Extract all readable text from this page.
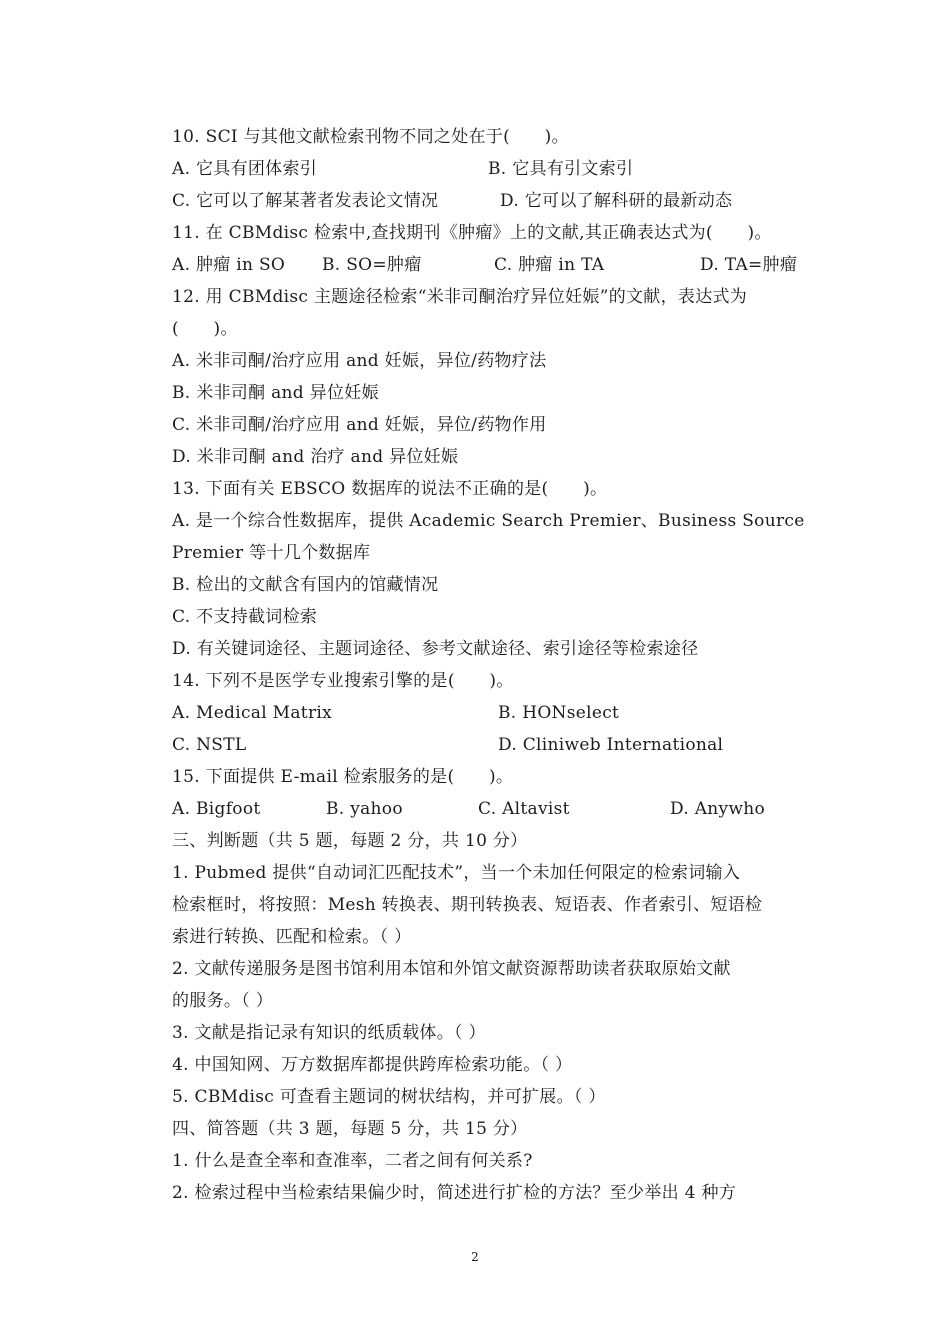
10. SCI 与其他文献检索刊物不同之处在于(　　)。
A. 它具有团体索引	B. 它具有引文索引
C. 它可以了解某著者发表论文情况	D. 它可以了解科研的最新动态
11. 在 CBMdisc 检索中,查找期刊《肿瘤》上的文献,其正确表达式为(　　)。
A. 肿瘤 in SO B. SO=肿瘤	C. 肿瘤 in TA	D. TA=肿瘤
12. 用 CBMdisc 主题途径检索“米非司酮治疗异位妊娠”的文献，表达式为
(　　)。
A. 米非司酮/治疗应用 and 妊娠，异位/药物疗法
B. 米非司酮 and 异位妊娠
C. 米非司酮/治疗应用 and 妊娠，异位/药物作用
D. 米非司酮 and 治疗 and 异位妊娠
13. 下面有关 EBSCO 数据库的说法不正确的是(　　)。
A. 是一个综合性数据库，提供 Academic Search Premier、Business Source
Premier 等十几个数据库
B. 检出的文献含有国内的馆藏情况
C. 不支持截词检索
D. 有关键词途径、主题词途径、参考文献途径、索引途径等检索途径
14. 下列不是医学专业搜索引擎的是(　　)。
A. Medical Matrix	B. HONselect
C. NSTL	D. Cliniweb International
15. 下面提供 E-mail 检索服务的是(　　)。
A. Bigfoot	B. yahoo	C. Altavist	D. Anywho
三、判断题（共 5 题，每题 2 分，共 10 分）
1. Pubmed 提供“自动词汇匹配技术”，当一个未加任何限定的检索词输入
检索框时，将按照：Mesh 转换表、期刊转换表、短语表、作者索引、短语检
索进行转换、匹配和检索。（ ）
2. 文献传递服务是图书馆利用本馆和外馆文献资源帮助读者获取原始文献
的服务。（ ）
3. 文献是指记录有知识的纸质载体。（ ）
4. 中国知网、万方数据库都提供跨库检索功能。（ ）
5. CBMdisc 可查看主题词的树状结构，并可扩展。（ ）
四、简答题（共 3 题，每题 5 分，共 15 分）
1. 什么是查全率和查准率，二者之间有何关系?
2. 检索过程中当检索结果偏少时，简述进行扩检的方法？至少举出 4 种方
2
